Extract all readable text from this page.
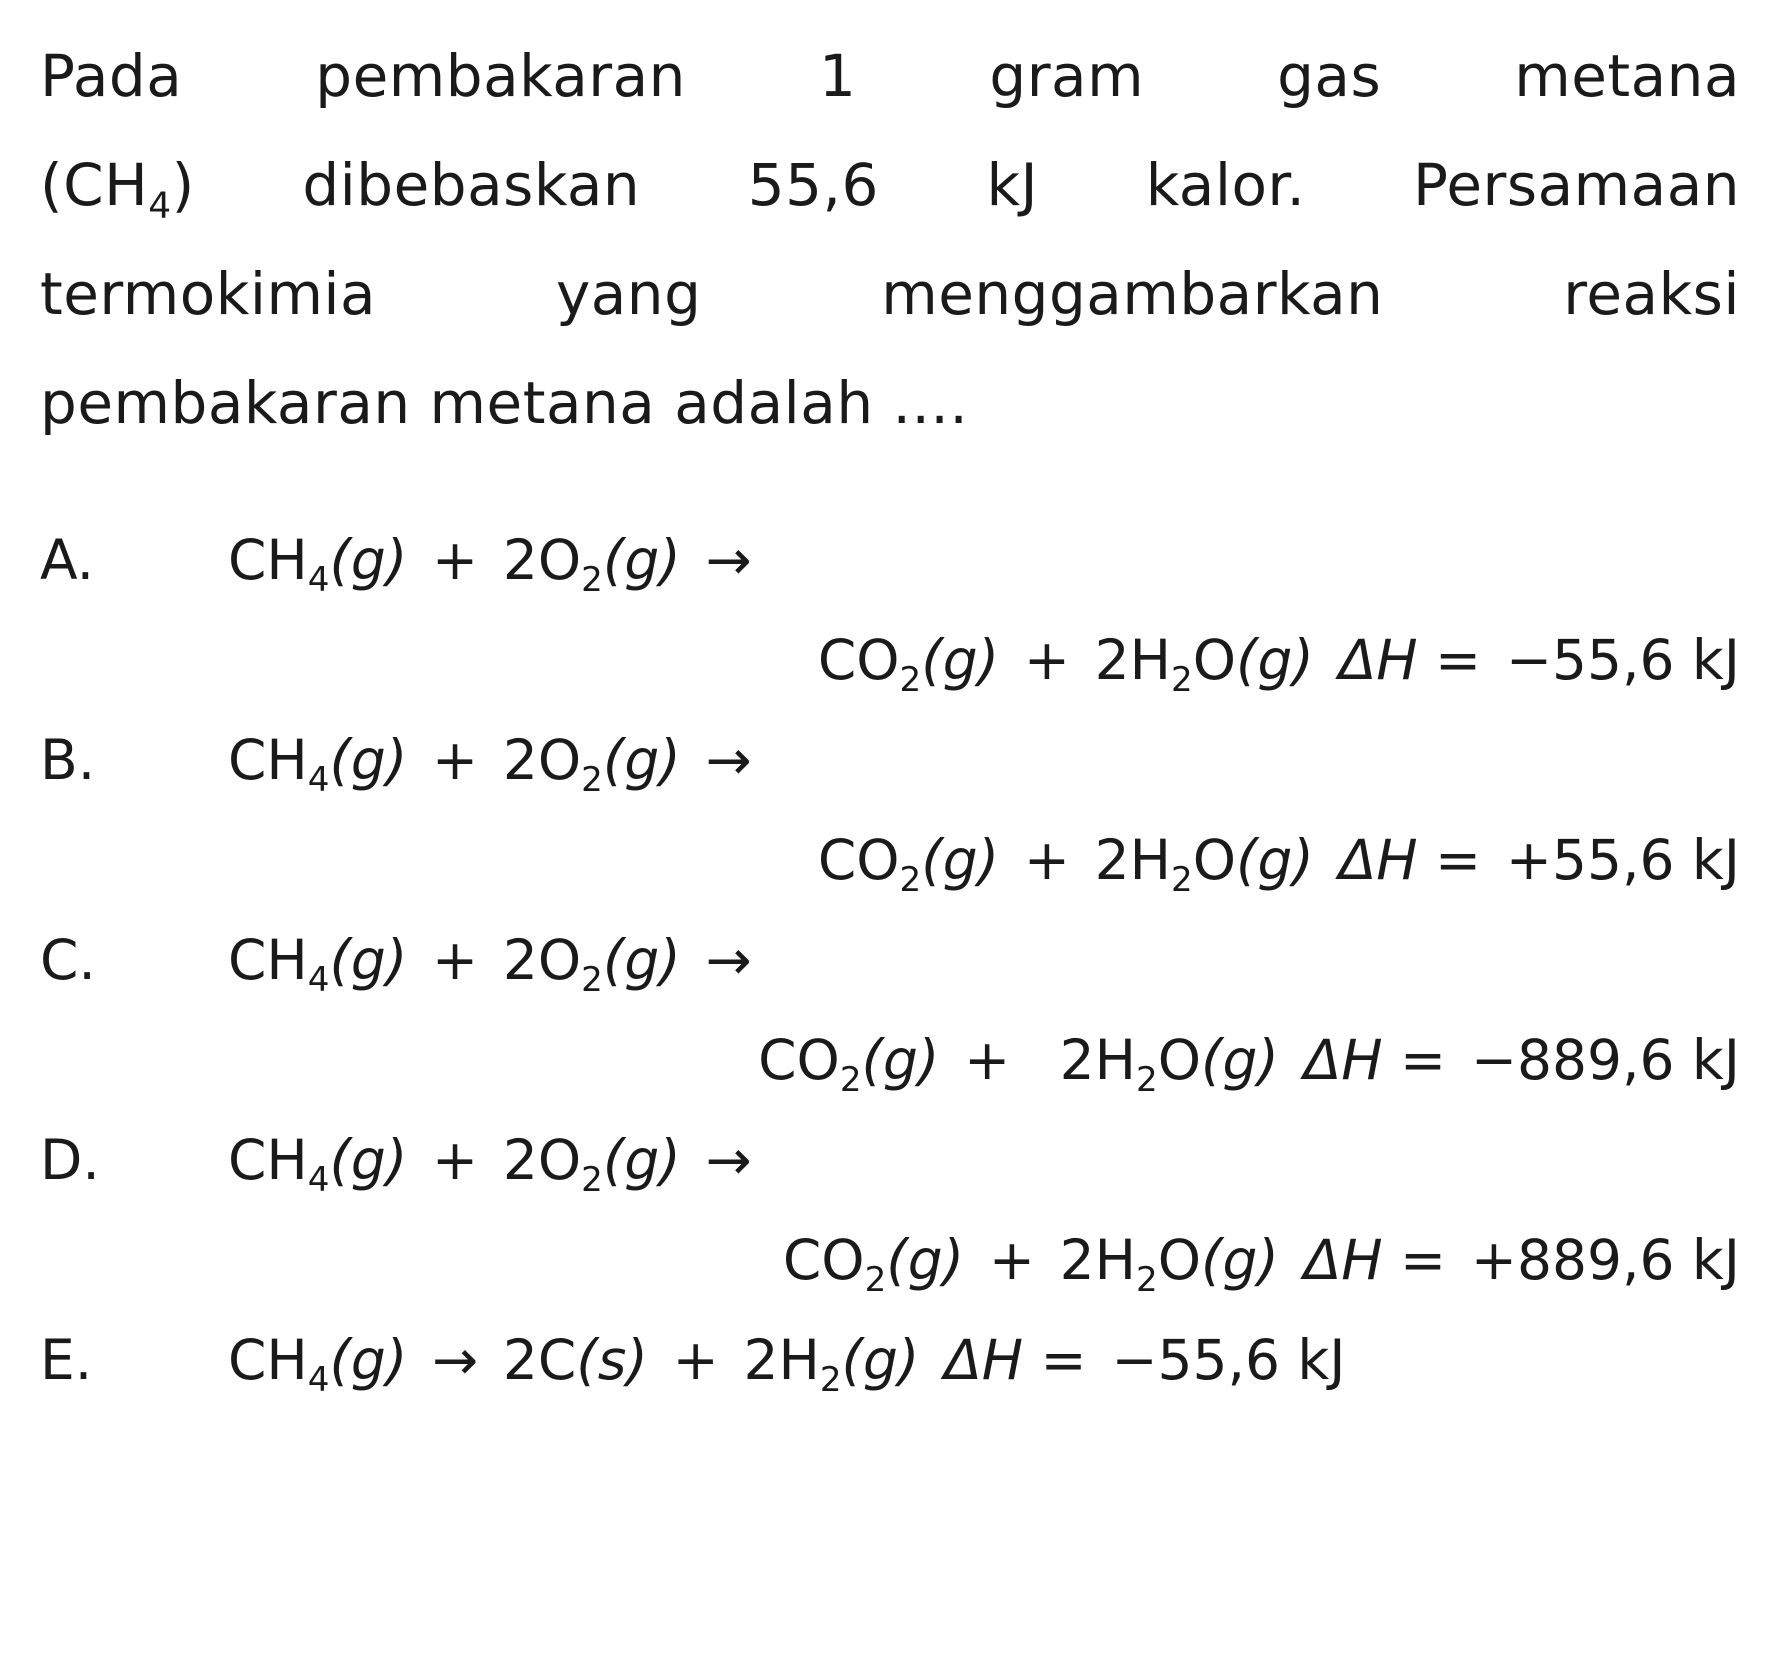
Pada pembakaran 1 gram gas metana
$(CH_4)$ dibebaskan 55,6 kJ kalor. Persamaan
termokimia yang menggambarkan reaksi
pembakaran metana adalah ....
A. $CH_4(g) + 2O_2(g)$ →
$CO_2(g) + 2H_2O(g) \Delta H = -55,6$ kJ
B. $CH_4(g) + 2O_2(g)$ →
$CO_2(g) + 2H_2O(g) \Delta H = +55,6$ kJ
C. $CH_4(g) + 2O_2(g)$ →
$CO_2(g) + 2H_2O(g) \Delta H = -889,6$ kJ
D. $CH_4(g) + 2O_2(g)$ →
$CO_2(g) + 2H_2O(g) \Delta H = +889,6$ kJ
E. $CH_4(g) \to 2C(s) + 2H_2(g) \Delta H = -55,6$ kJ
